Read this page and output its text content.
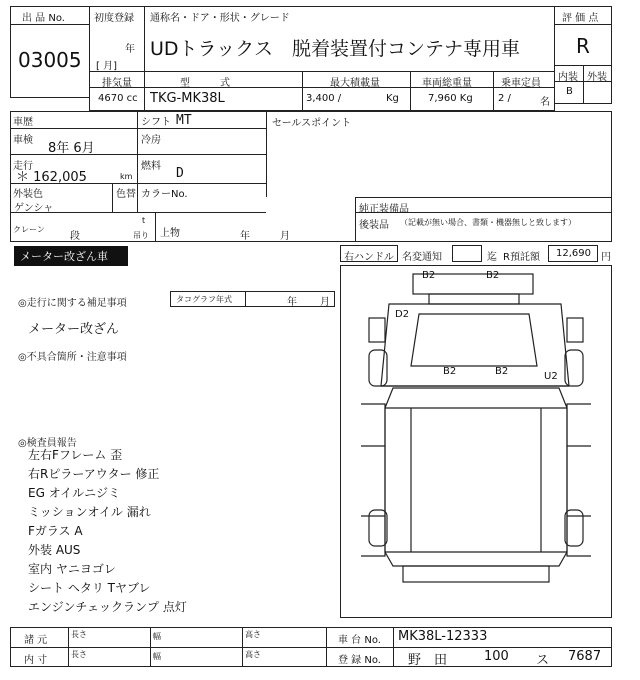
出 品 No.
03005
初度登録 通称名・ドア・形状・グレード
年
[ 月]
UDトラックス　脱着装置付コンテナ専用車
評 価 点
R
内装 外装
B
排気量
4670 cc
型　　　式
TKG-MK38L
最大積載量
3,400 /	Kg
車両総重量
7,960 Kg
乗車定員
2 /	名
車歴	シフト MT
車検
8年 6月
冷房
走行
＊ 162,005	km
燃料 D
外装色
ゲンシャ
色替 カラーNo.
クレーン
段
t
吊り 上物	年	月
セールスポイント
純正装備品
後装品 （記載が無い場合、書類・機器無しと致します）
メーター改ざん車	右ハンドル 名変通知	迄 R預託額 12,690 円
◎走行に関する補足事項	タコグラフ年式	年 月
メーター改ざん
◎不具合箇所・注意事項
◎検査員報告
左右Fフレーム 歪
右Rピラーアウター 修正
EG オイルニジミ
ミッションオイル 漏れ
Fガラス A
外装 AUS
室内 ヤニヨゴレ
シート ヘタリ Tヤブレ
エンジンチェックランプ 点灯
B2	B2
D2
B2	B2	U2
諸 元
内 寸
長さ	幅	高さ
長さ	幅	高さ
車 台 No. MK38L-12333
登 録 No. 野　田	100 ス 7687
